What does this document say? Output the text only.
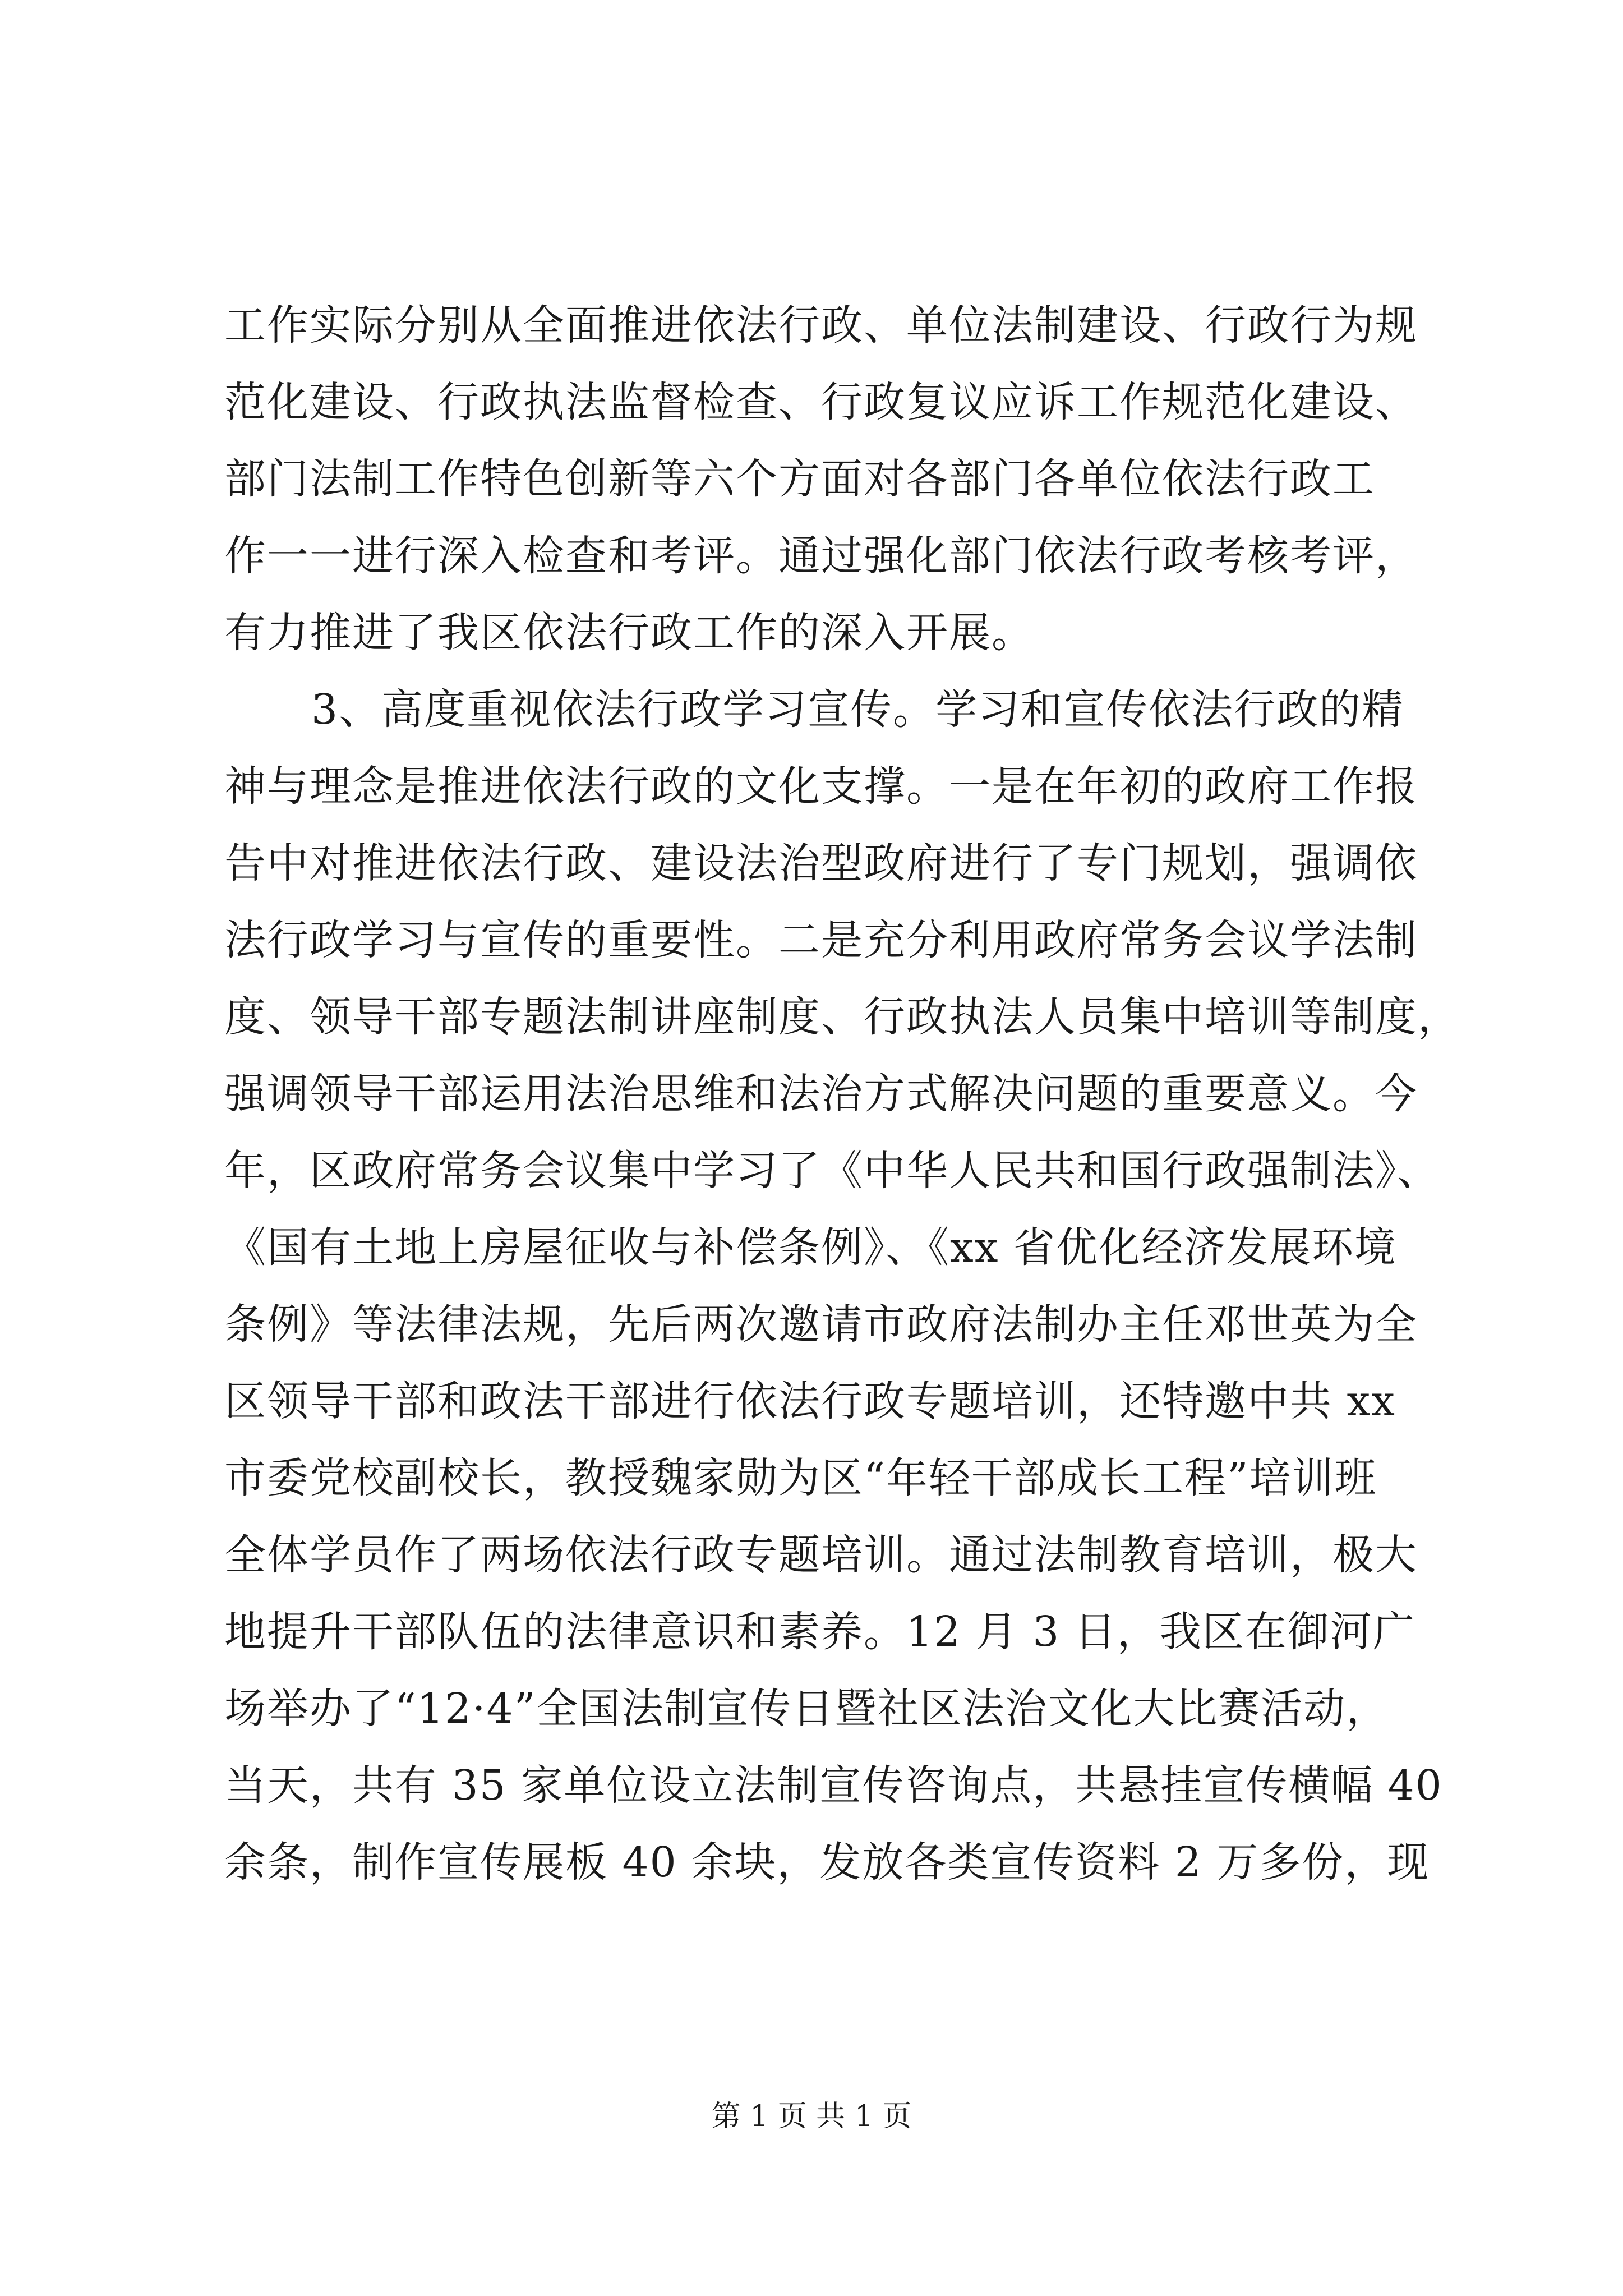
工作实际分别从全面推进依法行政、单位法制建设、行政行为规
范化建设、行政执法监督检查、行政复议应诉工作规范化建设、
部门法制工作特色创新等六个方面对各部门各单位依法行政工
作一一进行深入检查和考评。通过强化部门依法行政考核考评，
有力推进了我区依法行政工作的深入开展。
3、高度重视依法行政学习宣传。学习和宣传依法行政的精
神与理念是推进依法行政的文化支撑。一是在年初的政府工作报
告中对推进依法行政、建设法治型政府进行了专门规划，强调依
法行政学习与宣传的重要性。二是充分利用政府常务会议学法制
度、领导干部专题法制讲座制度、行政执法人员集中培训等制度，
强调领导干部运用法治思维和法治方式解决问题的重要意义。今
年，区政府常务会议集中学习了《中华人民共和国行政强制法》、
《国有土地上房屋征收与补偿条例》、《xx 省优化经济发展环境
条例》等法律法规，先后两次邀请市政府法制办主任邓世英为全
区领导干部和政法干部进行依法行政专题培训，还特邀中共 xx
市委党校副校长，教授魏家勋为区“年轻干部成长工程”培训班
全体学员作了两场依法行政专题培训。通过法制教育培训，极大
地提升干部队伍的法律意识和素养。12 月 3 日，我区在御河广
场举办了“12·4”全国法制宣传日暨社区法治文化大比赛活动，
当天，共有 35 家单位设立法制宣传咨询点，共悬挂宣传横幅 40
余条，制作宣传展板 40 余块，发放各类宣传资料 2 万多份，现
第 1 页 共 1 页
